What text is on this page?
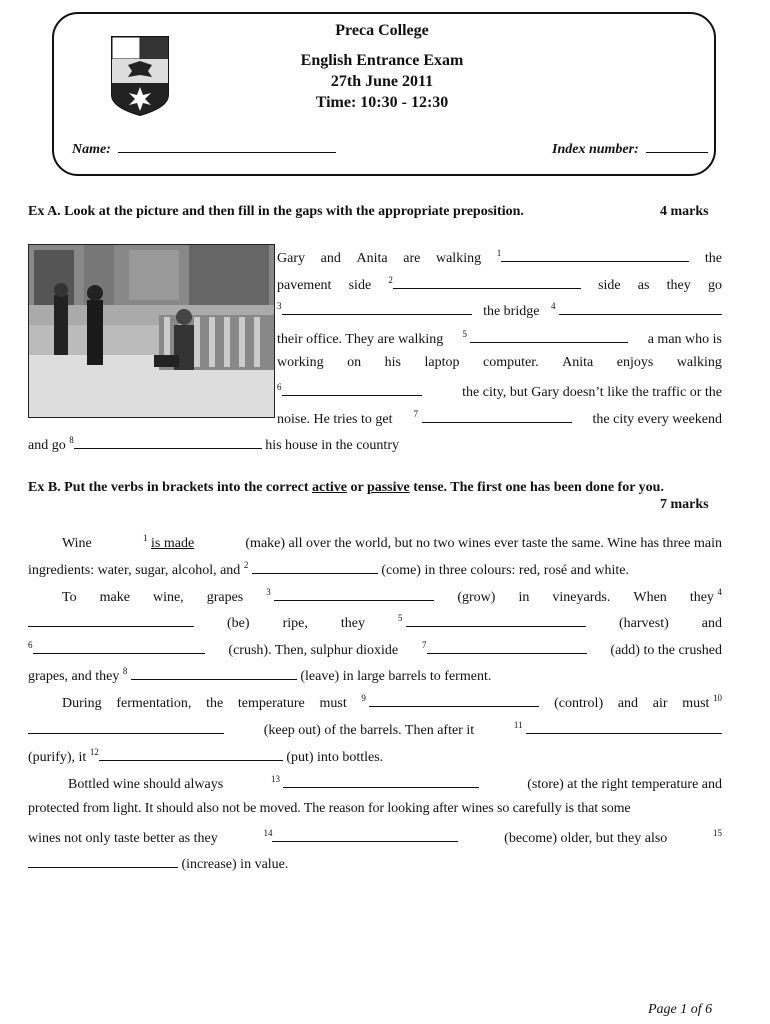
Preca College
English Entrance Exam
27th June 2011
Time: 10:30 - 12:30
Name:	Index number:
Ex A. Look at the picture and then fill in the gaps with the appropriate preposition.	4 marks
Gary and Anita are walking $^1$	the
pavement side $^2$	side as they go
$^3$	the bridge $^4$
their office. They are walking $^5$	a man who is
working on his laptop computer. Anita enjoys walking
$^6$	the city, but Gary doesn’t like the traffic or the
noise. He tries to get $^7$	the city every weekend
and go $^8$	his house in the country
Ex B. Put the verbs in brackets into the correct active or passive tense. The first one has been done for you.
7 marks
Wine	$^1$ is made	(make) all over the world, but no two wines ever taste the same. Wine has three main
ingredients: water, sugar, alcohol, and $^2$	(come) in three colours: red, rosé and white.
To make wine, grapes	$^3$	(grow) in vineyards. When they $^4$
(be) ripe, they	$^5$	(harvest) and
$^6$	(crush). Then, sulphur dioxide	$^7$	(add) to the crushed
grapes, and they $^8$	(leave) in large barrels to ferment.
During fermentation, the temperature must $^9$	(control) and air must $^{10}$
(keep out) of the barrels. Then after it	$^{11}$
(purify), it $^{12}$	(put) into bottles.
Bottled wine should always	$^{13}$	(store) at the right temperature and
protected from light. It should also not be moved. The reason for looking after wines so carefully is that some
wines not only taste better as they	$^{14}$	(become) older, but they also	$^{15}$
(increase) in value.
Page 1 of 6
